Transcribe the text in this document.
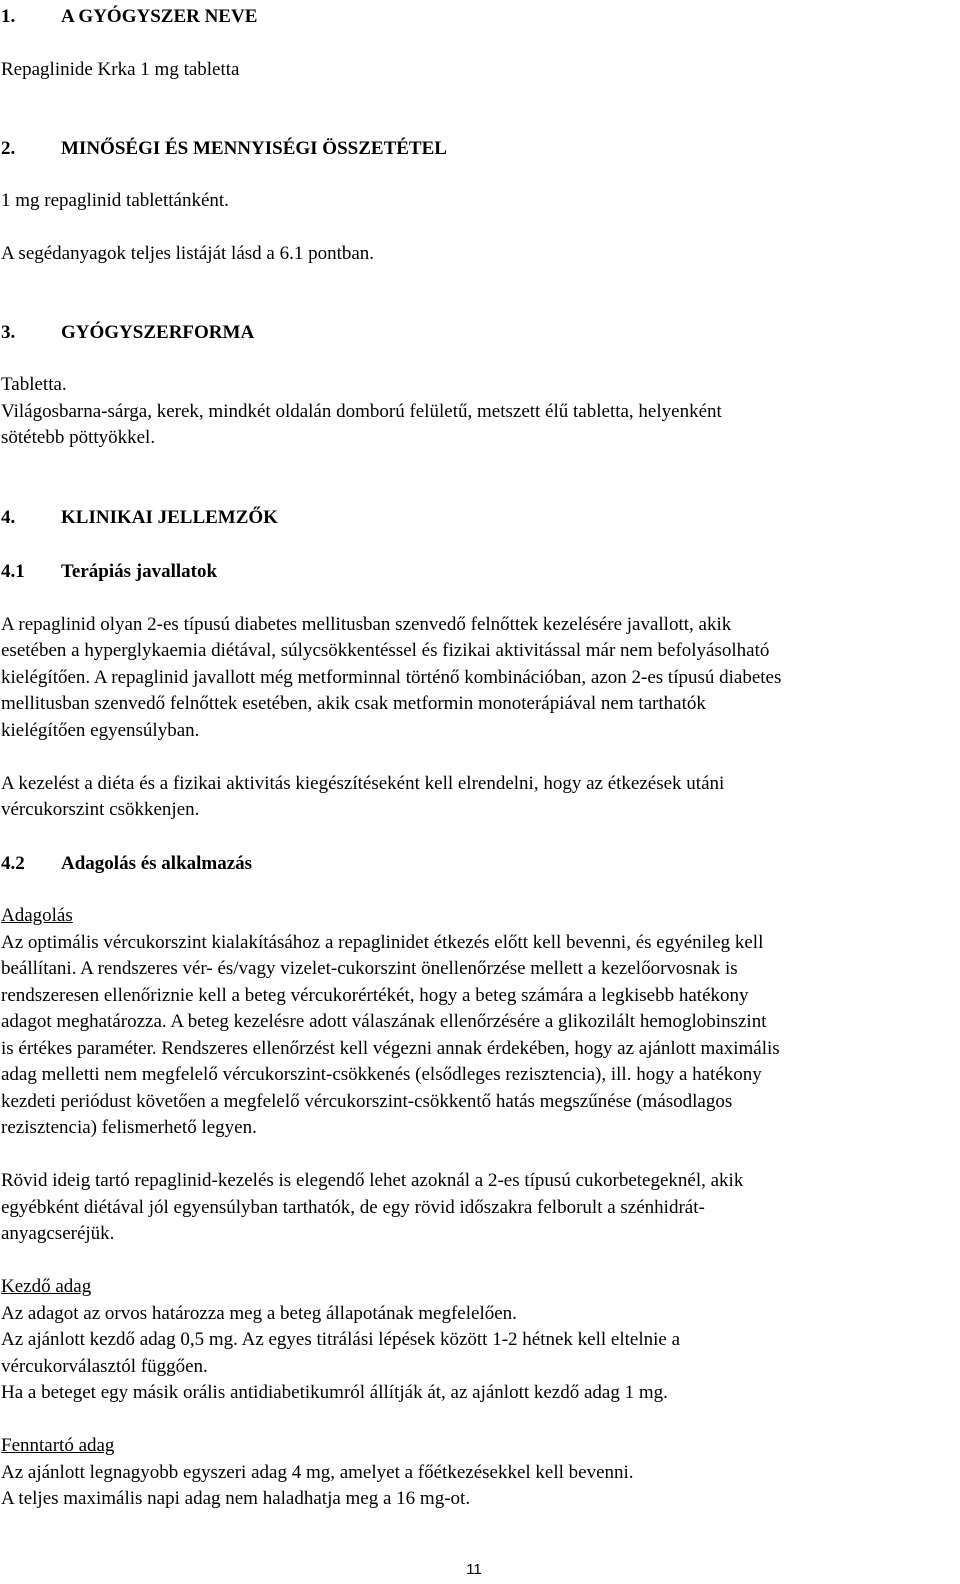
1. A GYÓGYSZER NEVE
Repaglinide Krka 1 mg tabletta
2. MINŐSÉGI ÉS MENNYISÉGI ÖSSZETÉTEL
1 mg repaglinid tablettánként.
A segédanyagok teljes listáját lásd a 6.1 pontban.
3. GYÓGYSZERFORMA
Tabletta.
Világosbarna-sárga, kerek, mindkét oldalán domború felületű, metszett élű tabletta, helyenként
sötétebb pöttyökkel.
4. KLINIKAI JELLEMZŐK
4.1 Terápiás javallatok
A repaglinid olyan 2-es típusú diabetes mellitusban szenvedő felnőttek kezelésére javallott, akik
esetében a hyperglykaemia diétával, súlycsökkentéssel és fizikai aktivitással már nem befolyásolható
kielégítően. A repaglinid javallott még metforminnal történő kombinációban, azon 2-es típusú diabetes
mellitusban szenvedő felnőttek esetében, akik csak metformin monoterápiával nem tarthatók
kielégítően egyensúlyban.
A kezelést a diéta és a fizikai aktivitás kiegészítéseként kell elrendelni, hogy az étkezések utáni
vércukorszint csökkenjen.
4.2 Adagolás és alkalmazás
Adagolás
Az optimális vércukorszint kialakításához a repaglinidet étkezés előtt kell bevenni, és egyénileg kell
beállítani. A rendszeres vér- és/vagy vizelet-cukorszint önellenőrzése mellett a kezelőorvosnak is
rendszeresen ellenőriznie kell a beteg vércukorértékét, hogy a beteg számára a legkisebb hatékony
adagot meghatározza. A beteg kezelésre adott válaszának ellenőrzésére a glikozilált hemoglobinszint
is értékes paraméter. Rendszeres ellenőrzést kell végezni annak érdekében, hogy az ajánlott maximális
adag melletti nem megfelelő vércukorszint-csökkenés (elsődleges rezisztencia), ill. hogy a hatékony
kezdeti periódust követően a megfelelő vércukorszint-csökkentő hatás megszűnése (másodlagos
rezisztencia) felismerhető legyen.
Rövid ideig tartó repaglinid-kezelés is elegendő lehet azoknál a 2-es típusú cukorbetegeknél, akik
egyébként diétával jól egyensúlyban tarthatók, de egy rövid időszakra felborult a szénhidrát-
anyagcseréjük.
Kezdő adag
Az adagot az orvos határozza meg a beteg állapotának megfelelően.
Az ajánlott kezdő adag 0,5 mg. Az egyes titrálási lépések között 1-2 hétnek kell eltelnie a
vércukorválasztól függően.
Ha a beteget egy másik orális antidiabetikumról állítják át, az ajánlott kezdő adag 1 mg.
Fenntartó adag
Az ajánlott legnagyobb egyszeri adag 4 mg, amelyet a főétkezésekkel kell bevenni.
A teljes maximális napi adag nem haladhatja meg a 16 mg-ot.
11
